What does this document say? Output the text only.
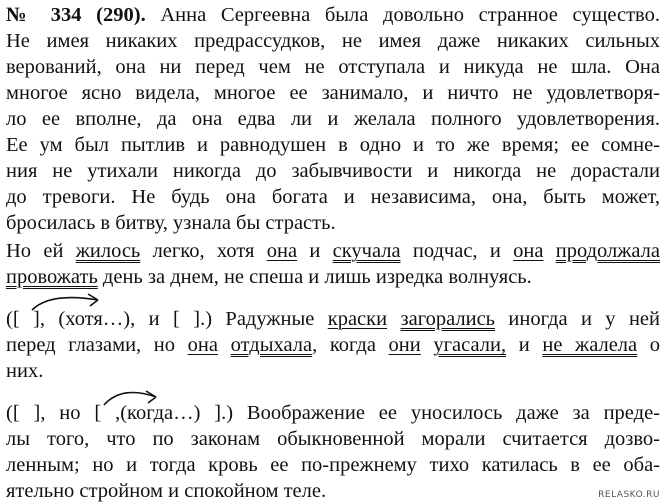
№ 334 (290). Анна Сергеевна была довольно странное существо.
Не имея никаких предрассудков, не имея даже никаких сильных
верований, она ни перед чем не отступала и никуда не шла. Она
многое ясно видела, многое ее занимало, и ничто не удовлетворя-
ло ее вполне, да она едва ли и желала полного удовлетворения.
Ее ум был пытлив и равнодушен в одно и то же время; ее сомне-
ния не утихали никогда до забывчивости и никогда не дорастали
до тревоги. Не будь она богата и независима, она, быть может,
бросилась в битву, узнала бы страсть.
Но ей жилось легко, хотя она и скучала подчас, и она продолжала
провожать день за днем, не спеша и лишь изредка волнуясь.
([ ], (хотя…), и [ ].) Радужные краски загорались иногда и у ней
перед глазами, но она отдыхала, когда они угасали, и не жалела о
них.
([ ], но [ ,(когда…) ].) Воображение ее уносилось даже за преде-
лы того, что по законам обыкновенной морали считается дозво-
ленным; но и тогда кровь ее по-прежнему тихо катилась в ее оба-
ятельно стройном и спокойном теле.	RELASKO.RU
